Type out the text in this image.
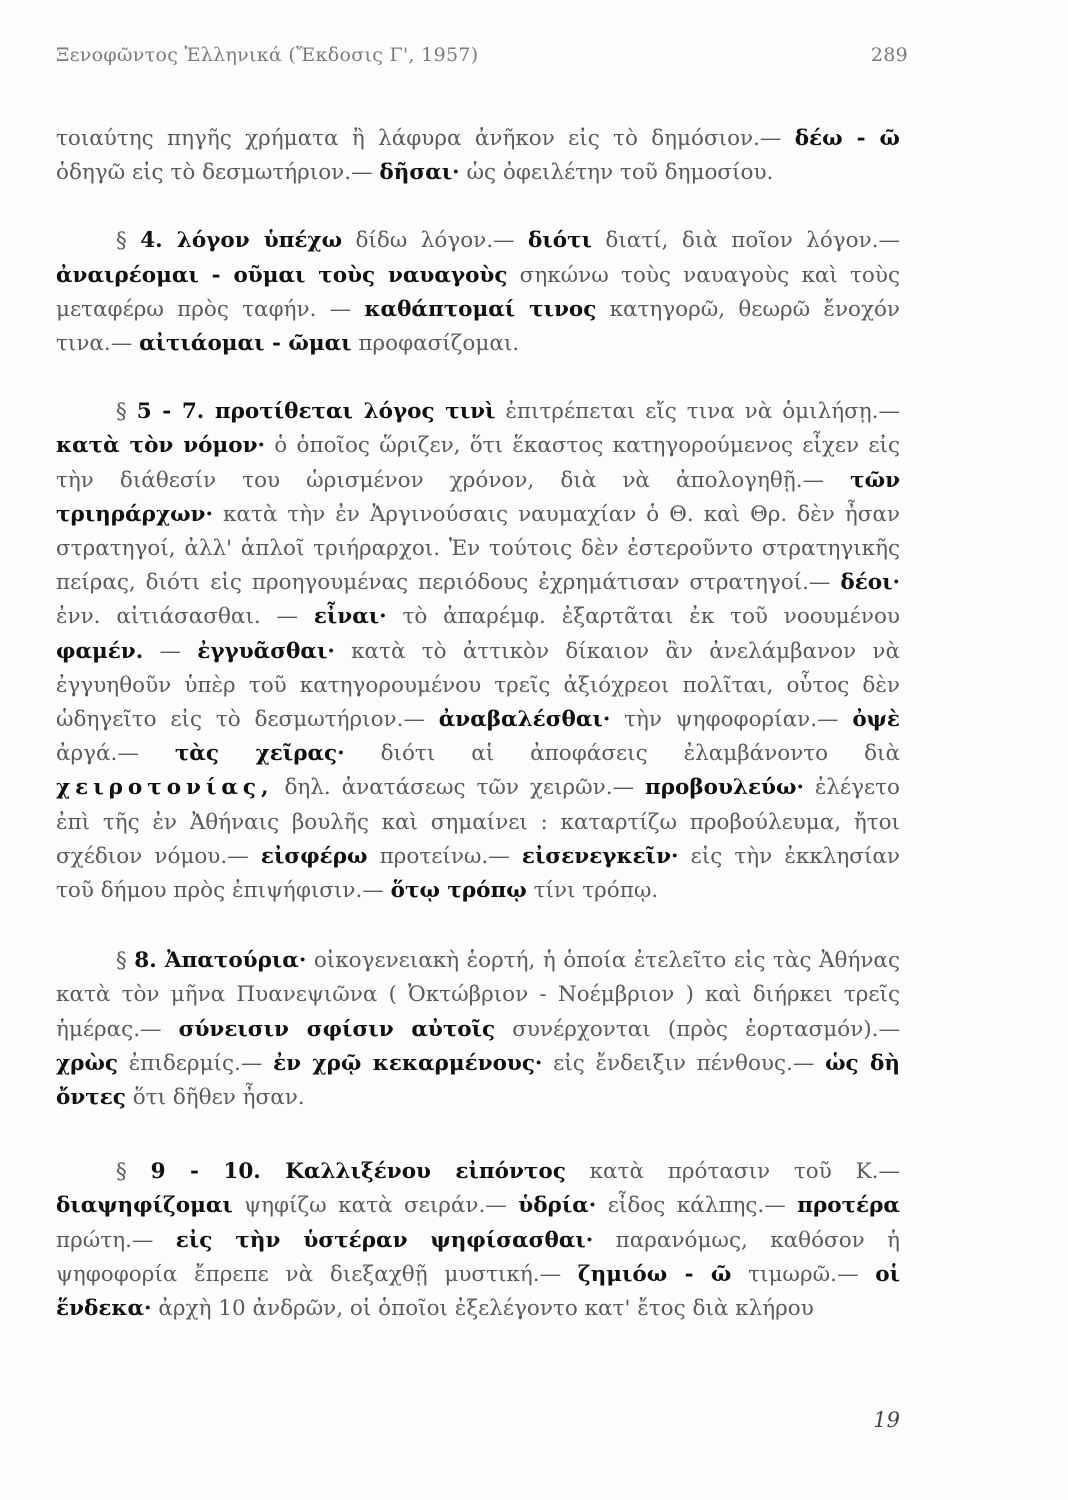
Ξενοφῶντος Ἑλληνικά (Ἔκδοσις Γ', 1957)	289

τοιαύτης πηγῆς χρήματα ἢ λάφυρα ἀνῆκον εἰς τὸ δημόσιον.— δέω - ῶ ὁδηγῶ εἰς τὸ δεσμωτήριον.— δῆσαι· ὡς ὀφειλέτην τοῦ δημοσίου.

§ 4. λόγον ὑπέχω δίδω λόγον.— διότι διατί, διὰ ποῖον λόγον.— ἀναιρέομαι - οῦμαι τοὺς ναυαγοὺς σηκώνω τοὺς ναυαγοὺς καὶ τοὺς μεταφέρω πρὸς ταφήν. — καθάπτομαί τινος κατηγορῶ, θεωρῶ ἔνοχόν τινα.— αἰτιάομαι - ῶμαι προφασίζομαι.

§ 5 - 7. προτίθεται λόγος τινὶ ἐπιτρέπεται εἴς τινα νὰ ὁμιλήσῃ.— κατὰ τὸν νόμον· ὁ ὁποῖος ὥριζεν, ὅτι ἕκαστος κατηγορούμενος εἶχεν εἰς τὴν διάθεσίν του ὡρισμένον χρόνον, διὰ νὰ ἀπολογηθῇ.— τῶν τριηράρχων· κατὰ τὴν ἐν Ἀργινούσαις ναυμαχίαν ὁ Θ. καὶ Θρ. δὲν ἦσαν στρατηγοί, ἀλλ' ἁπλοῖ τριήραρχοι. Ἐν τούτοις δὲν ἐστεροῦντο στρατηγικῆς πείρας, διότι εἰς προηγουμένας περιόδους ἐχρημάτισαν στρατηγοί.— δέοι· ἐνν. αἰτιάσασθαι. — εἶναι· τὸ ἀπαρέμφ. ἐξαρτᾶται ἐκ τοῦ νοουμένου φαμέν. — ἐγγυᾶσθαι· κατὰ τὸ ἀττικὸν δίκαιον ἂν ἀνελάμβανον νὰ ἐγγυηθοῦν ὑπὲρ τοῦ κατηγορουμένου τρεῖς ἀξιόχρεοι πολῖται, οὗτος δὲν ὡδηγεῖτο εἰς τὸ δεσμωτήριον.— ἀναβαλέσθαι· τὴν ψηφοφορίαν.— ὀψὲ ἀργά.— τὰς χεῖρας· διότι αἱ ἀποφάσεις ἐλαμβάνοντο διὰ χειροτονίας, δηλ. ἀνατάσεως τῶν χειρῶν.— προβουλεύω· ἐλέγετο ἐπὶ τῆς ἐν Ἀθήναις βουλῆς καὶ σημαίνει : καταρτίζω προβούλευμα, ἤτοι σχέδιον νόμου.— εἰσφέρω προτείνω.— εἰσενεγκεῖν· εἰς τὴν ἐκκλησίαν τοῦ δήμου πρὸς ἐπιψήφισιν.— ὅτῳ τρόπῳ τίνι τρόπῳ.

§ 8. Ἀπατούρια· οἰκογενειακὴ ἑορτή, ἡ ὁποία ἐτελεῖτο εἰς τὰς Ἀθήνας κατὰ τὸν μῆνα Πυανεψιῶνα ( Ὀκτώβριον - Νοέμβριον ) καὶ διήρκει τρεῖς ἡμέρας.— σύνεισιν σφίσιν αὐτοῖς συνέρχονται (πρὸς ἑορτασμόν).— χρὼς ἐπιδερμίς.— ἐν χρῷ κεκαρμένους· εἰς ἔνδειξιν πένθους.— ὡς δὴ ὄντες ὅτι δῆθεν ἦσαν.

§ 9 - 10. Καλλιξένου εἰπόντος κατὰ πρότασιν τοῦ Κ.— διαψηφίζομαι ψηφίζω κατὰ σειράν.— ὑδρία· εἶδος κάλπης.— προτέρα πρώτη.— εἰς τὴν ὑστέραν ψηφίσασθαι· παρανόμως, καθόσον ἡ ψηφοφορία ἔπρεπε νὰ διεξαχθῇ μυστική.— ζημιόω - ῶ τιμωρῶ.— οἱ ἕνδεκα· ἀρχὴ 10 ἀνδρῶν, οἱ ὁποῖοι ἐξελέγοντο κατ' ἔτος διὰ κλήρου

19
